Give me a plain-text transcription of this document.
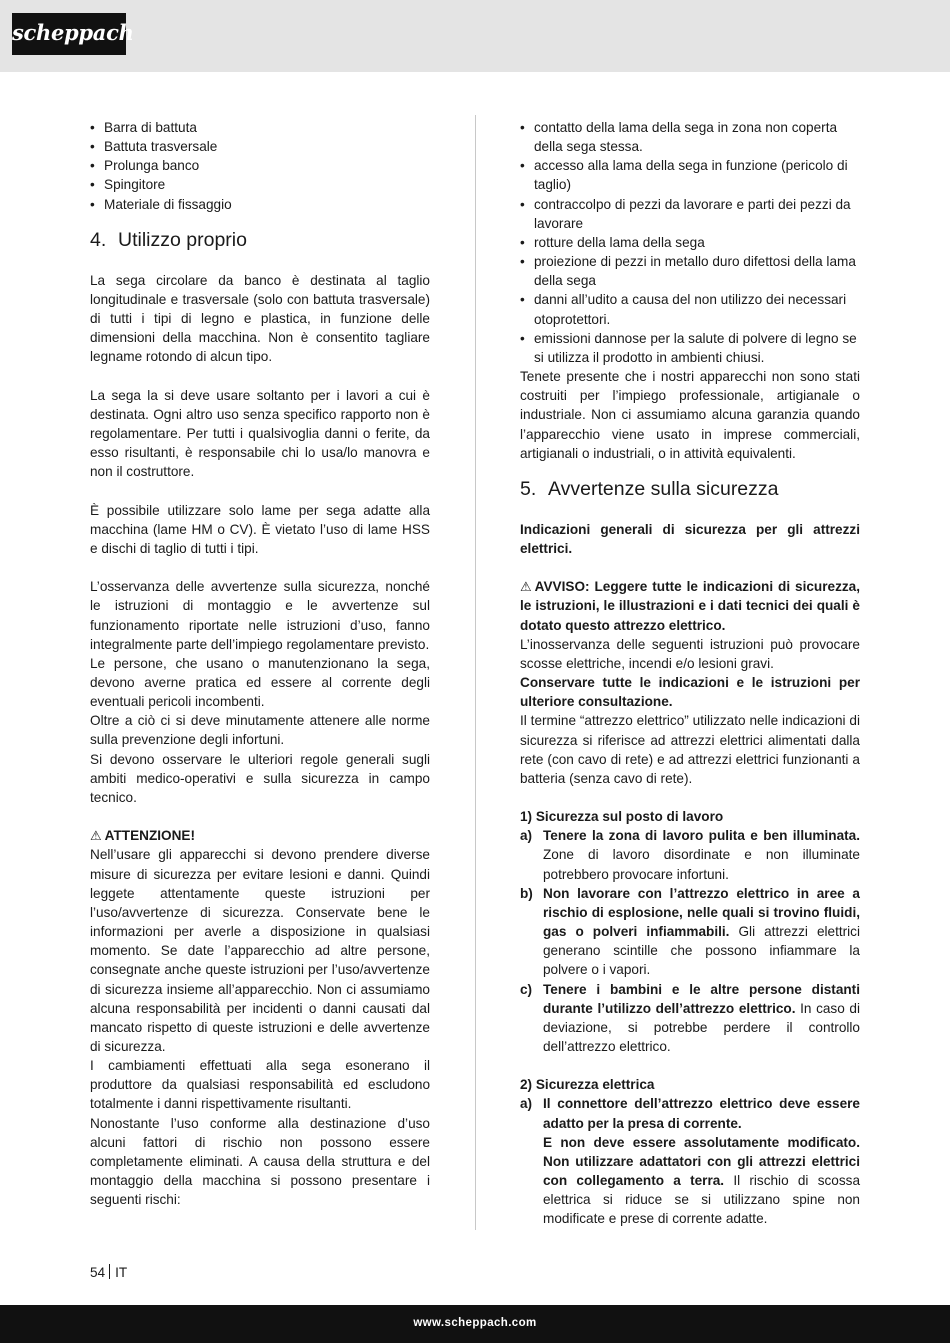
scheppach
• Barra di battuta
• Battuta trasversale
• Prolunga banco
• Spingitore
• Materiale di fissaggio
4. Utilizzo proprio

La sega circolare da banco è destinata al taglio longitudinale e trasversale (solo con battuta trasversale) di tutti i tipi di legno e plastica, in funzione delle dimensioni della macchina. Non è consentito tagliare legname rotondo di alcun tipo.

La sega la si deve usare soltanto per i lavori a cui è destinata. Ogni altro uso senza specifico rapporto non è regolamentare. Per tutti i qualsivoglia danni o ferite, da esso risultanti, è responsabile chi lo usa/lo manovra e non il costruttore.

È possibile utilizzare solo lame per sega adatte alla macchina (lame HM o CV). È vietato l’uso di lame HSS e dischi di taglio di tutti i tipi.

L’osservanza delle avvertenze sulla sicurezza, nonché le istruzioni di montaggio e le avvertenze sul funzionamento riportate nelle istruzioni d’uso, fanno integralmente parte dell’impiego regolamentare previsto.

Le persone, che usano o manutenzionano la sega, devono averne pratica ed essere al corrente degli eventuali pericoli incombenti.

Oltre a ciò ci si deve minutamente attenere alle norme sulla prevenzione degli infortuni.

Si devono osservare le ulteriori regole generali sugli ambiti medico-operativi e sulla sicurezza in campo tecnico.

⚠ ATTENZIONE!

Nell’usare gli apparecchi si devono prendere diverse misure di sicurezza per evitare lesioni e danni. Quindi leggete attentamente queste istruzioni per l’uso/avvertenze di sicurezza. Conservate bene le informazioni per averle a disposizione in qualsiasi momento. Se date l’apparecchio ad altre persone, consegnate anche queste istruzioni per l’uso/avvertenze di sicurezza insieme all’apparecchio. Non ci assumiamo alcuna responsabilità per incidenti o danni causati dal mancato rispetto di queste istruzioni e delle avvertenze di sicurezza.

I cambiamenti effettuati alla sega esonerano il produttore da qualsiasi responsabilità ed escludono totalmente i danni rispettivamente risultanti.

Nonostante l’uso conforme alla destinazione d’uso alcuni fattori di rischio non possono essere completamente eliminati. A causa della struttura e del montaggio della macchina si possono presentare i seguenti rischi:

• contatto della lama della sega in zona non coperta della sega stessa.
• accesso alla lama della sega in funzione (pericolo di taglio)
• contraccolpo di pezzi da lavorare e parti dei pezzi da lavorare
• rotture della lama della sega
• proiezione di pezzi in metallo duro difettosi della lama della sega
• danni all’udito a causa del non utilizzo dei necessari otoprotettori.
• emissioni dannose per la salute di polvere di legno se si utilizza il prodotto in ambienti chiusi.

Tenete presente che i nostri apparecchi non sono stati costruiti per l’impiego professionale, artigianale o industriale. Non ci assumiamo alcuna garanzia quando l’apparecchio viene usato in imprese commerciali, artigianali o industriali, o in attività equivalenti.

5. Avvertenze sulla sicurezza

Indicazioni generali di sicurezza per gli attrezzi elettrici.

⚠ AVVISO: Leggere tutte le indicazioni di sicurezza, le istruzioni, le illustrazioni e i dati tecnici dei quali è dotato questo attrezzo elettrico.

L’inosservanza delle seguenti istruzioni può provocare scosse elettriche, incendi e/o lesioni gravi.

Conservare tutte le indicazioni e le istruzioni per ulteriore consultazione.

Il termine “attrezzo elettrico” utilizzato nelle indicazioni di sicurezza si riferisce ad attrezzi elettrici alimentati dalla rete (con cavo di rete) e ad attrezzi elettrici funzionanti a batteria (senza cavo di rete).

1) Sicurezza sul posto di lavoro

a) Tenere la zona di lavoro pulita e ben illuminata. Zone di lavoro disordinate e non illuminate potrebbero provocare infortuni.
b) Non lavorare con l’attrezzo elettrico in aree a rischio di esplosione, nelle quali si trovino fluidi, gas o polveri infiammabili. Gli attrezzi elettrici generano scintille che possono infiammare la polvere o i vapori.
c) Tenere i bambini e le altre persone distanti durante l’utilizzo dell’attrezzo elettrico. In caso di deviazione, si potrebbe perdere il controllo dell’attrezzo elettrico.

2) Sicurezza elettrica

a) Il connettore dell’attrezzo elettrico deve essere adatto per la presa di corrente.
E non deve essere assolutamente modificato. Non utilizzare adattatori con gli attrezzi elettrici con collegamento a terra. Il rischio di scossa elettrica si riduce se si utilizzano spine non modificate e prese di corrente adatte.
54 IT
www.scheppach.com
